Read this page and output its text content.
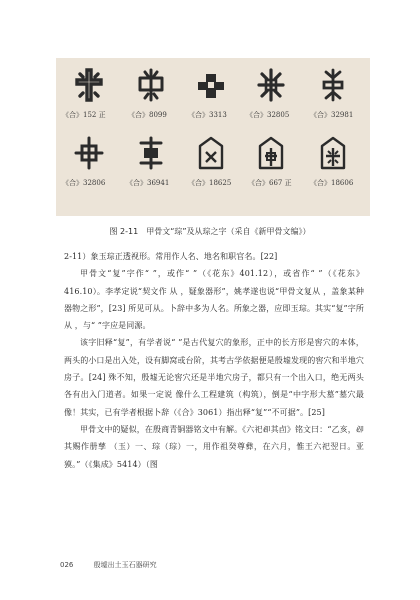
《合》152 正	《合》8099	《合》3313	《合》32805	《合》32981
《合》32806	《合》36941	《合》18625 《合》667 正	《合》18606
图 2-11　甲骨文“琮”及从琮之字（采自《新甲骨文编》）

2-11）象玉琮正透视形。常用作人名、地名和职官名。[22]

甲骨文“复”字作“ ”，或作“ ”（《花东》401.12），或省作“ ”（《花东》416.10）。李孝定说“契文作 从 ，疑象器形”，姚孝遂也说“甲骨文复从 ，盖象某种器物之形”，[23] 所见可从。卜辞中多为人名。所象之器，应即玉琮。其实“复”字所从 ，与“ ”字应是同源。

该字旧释“复”，有学者说“ ”是古代复穴的象形，正中的长方形是窖穴的本体，两头的小口是出入处，设有脚窝或台阶，其考古学依据便是殷墟发现的窖穴和半地穴房子。[24] 殊不知，殷墟无论窖穴还是半地穴房子，都只有一个出入口，绝无两头各有出入门道者。如果一定说 像什么工程建筑（构筑），倒是“中字形大墓”墓穴最像！其实，已有学者根据卜辞（《合》3061）指出释“复”“不可据”。[25]

甲骨文中的疑似，在殷商青铜器铭文中有解。《六祀𠨘其卣》铭文曰：“乙亥，𠨘其赐作册孳 （玉）一、琮（琮）一，用作祖癸尊彝，在六月，惟王六祀翌日。亚獏。”（《集成》5414）（图

026	殷墟出土玉石器研究
